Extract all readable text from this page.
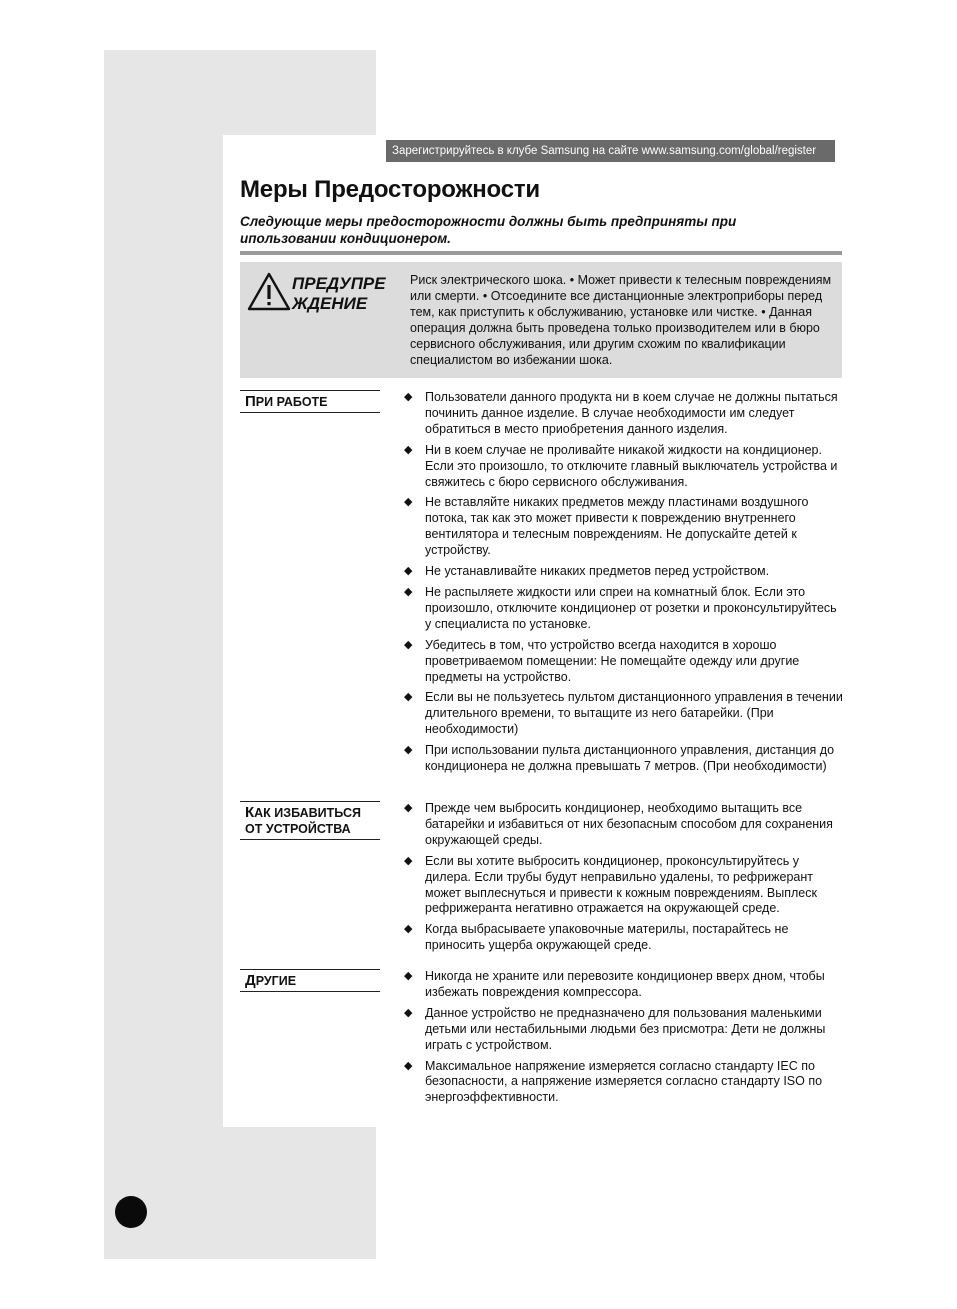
Зарегистрируйтесь в клубе Samsung на сайте www.samsung.com/global/register
Меры Предосторожности

Следующие меры предосторожности должны быть предприняты при ипользовании кондиционером.

ПРЕДУПРЕ ЖДЕНИЕ

Риск электрического шока. • Может привести к телесным повреждениям или смерти. • Отсоедините все дистанционные электроприборы перед тем, как приступить к обслуживанию, установке или чистке. • Данная операция должна быть проведена только производителем или в бюро сервисного обслуживания, или другим схожим по квалификации специалистом во избежании шока.

ПРИ РАБОТЕ	◆ Пользователи данного продукта ни в коем случае не должны пытаться починить данное изделие. В случае необходимости им следует обратиться в место приобретения данного изделия.
◆ Ни в коем случае не проливайте никакой жидкости на кондиционер. Если это произошло, то отключите главный выключатель устройства и свяжитесь с бюро сервисного обслуживания.
◆ Не вставляйте никаких предметов между пластинами воздушного потока, так как это может привести к повреждению внутреннего вентилятора и телесным повреждениям. Не допускайте детей к устройству.
◆ Не устанавливайте никаких предметов перед устройством.
◆ Не распыляете жидкости или спреи на комнатный блок. Если это произошло, отключите кондиционер от розетки и проконсультируйтесь у специалиста по установке.
◆ Убедитесь в том, что устройство всегда находится в хорошо проветриваемом помещении: Не помещайте одежду или другие предметы на устройство.
◆ Если вы не пользуетесь пультом дистанционного управления в течении длительного времени, то вытащите из него батарейки. (При необходимости)
◆ При использовании пульта дистанционного управления, дистанция до кондиционера не должна превышать 7 метров. (При необходимости)
КАК ИЗБАВИТЬСЯ ОТ УСТРОЙСТВА
◆ Прежде чем выбросить кондиционер, необходимо вытащить все батарейки и избавиться от них безопасным способом для сохранения окружающей среды.
◆ Если вы хотите выбросить кондиционер, проконсультируйтесь у дилера. Если трубы будут неправильно удалены, то рефрижерант может выплеснуться и привести к кожным повреждениям. Выплеск рефрижеранта негативно отражается на окружающей среде.
◆ Когда выбрасываете упаковочные материлы, постарайтесь не приносить ущерба окружающей среде.
ДРУГИЕ	◆ Никогда не храните или перевозите кондиционер вверх дном, чтобы избежать повреждения компрессора.
◆ Данное устройство не предназначено для пользования маленькими детьми или нестабильными людьми без присмотра: Дети не должны играть с устройством.
◆ Максимальное напряжение измеряется согласно стандарту IEC по безопасности, а напряжение измеряется согласно стандарту ISO по энергоэффективности.
